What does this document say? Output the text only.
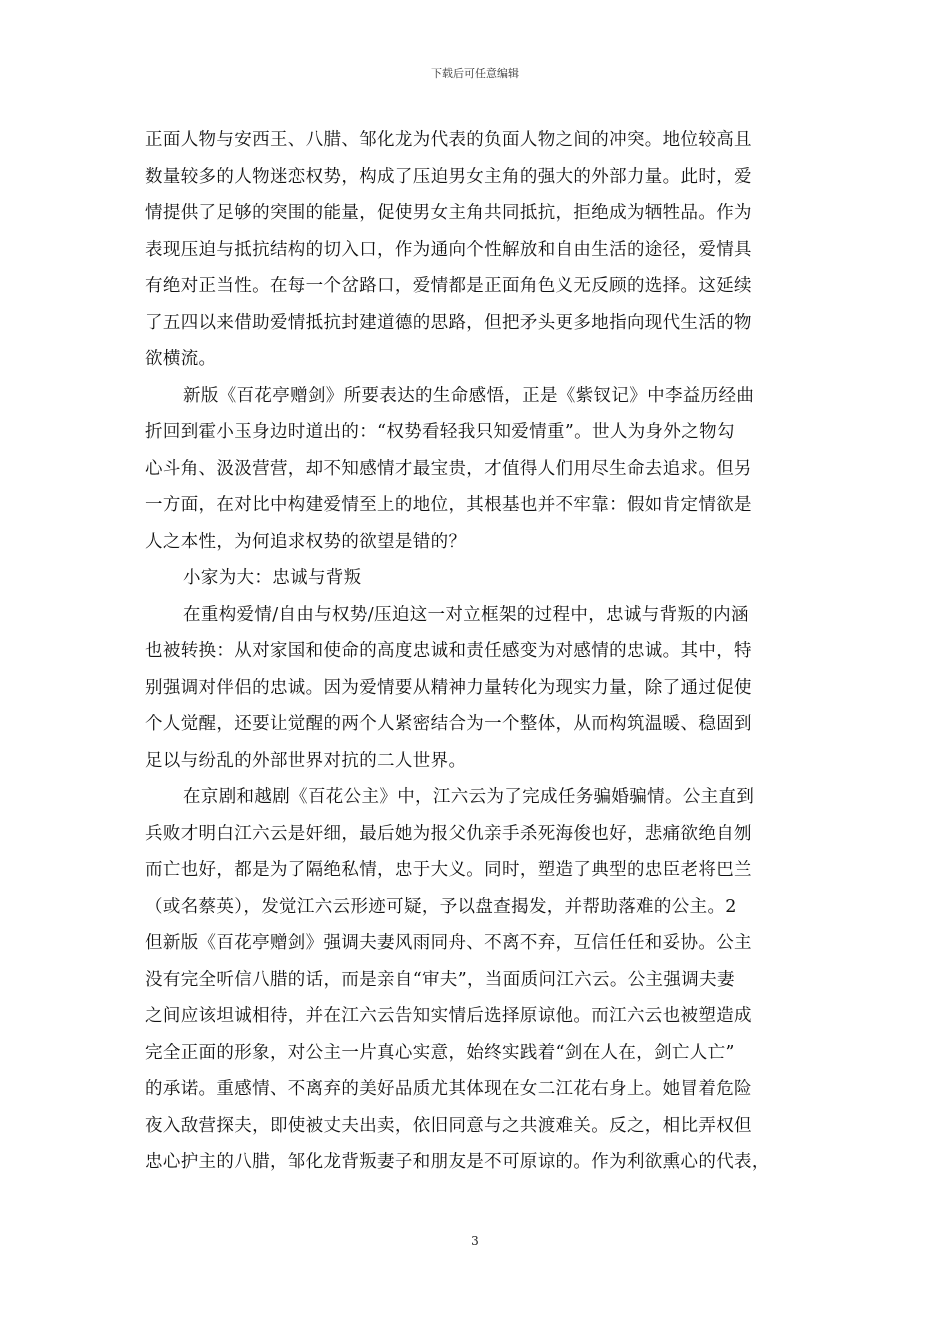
下载后可任意编辑
正面人物与安西王、八腊、邹化龙为代表的负面人物之间的冲突。地位较高且
数量较多的人物迷恋权势，构成了压迫男女主角的强大的外部力量。此时，爱
情提供了足够的突围的能量，促使男女主角共同抵抗，拒绝成为牺牲品。作为
表现压迫与抵抗结构的切入口，作为通向个性解放和自由生活的途径，爱情具
有绝对正当性。在每一个岔路口，爱情都是正面角色义无反顾的选择。这延续
了五四以来借助爱情抵抗封建道德的思路，但把矛头更多地指向现代生活的物
欲横流。
新版《百花亭赠剑》所要表达的生命感悟，正是《紫钗记》中李益历经曲
折回到霍小玉身边时道出的：“权势看轻我只知爱情重”。世人为身外之物勾
心斗角、汲汲营营，却不知感情才最宝贵，才值得人们用尽生命去追求。但另
一方面，在对比中构建爱情至上的地位，其根基也并不牢靠：假如肯定情欲是
人之本性，为何追求权势的欲望是错的？
小家为大：忠诚与背叛
在重构爱情/自由与权势/压迫这一对立框架的过程中，忠诚与背叛的内涵
也被转换：从对家国和使命的高度忠诚和责任感变为对感情的忠诚。其中，特
别强调对伴侣的忠诚。因为爱情要从精神力量转化为现实力量，除了通过促使
个人觉醒，还要让觉醒的两个人紧密结合为一个整体，从而构筑温暖、稳固到
足以与纷乱的外部世界对抗的二人世界。
在京剧和越剧《百花公主》中，江六云为了完成任务骗婚骗情。公主直到
兵败才明白江六云是奸细，最后她为报父仇亲手杀死海俊也好，悲痛欲绝自刎
而亡也好，都是为了隔绝私情，忠于大义。同时，塑造了典型的忠臣老将巴兰
（或名蔡英），发觉江六云形迹可疑，予以盘查揭发，并帮助落难的公主。2
但新版《百花亭赠剑》强调夫妻风雨同舟、不离不弃，互信任任和妥协。公主
没有完全听信八腊的话，而是亲自“审夫”，当面质问江六云。公主强调夫妻
之间应该坦诚相待，并在江六云告知实情后选择原谅他。而江六云也被塑造成
完全正面的形象，对公主一片真心实意，始终实践着“剑在人在，剑亡人亡”
的承诺。重感情、不离弃的美好品质尤其体现在女二江花右身上。她冒着危险
夜入敌营探夫，即使被丈夫出卖，依旧同意与之共渡难关。反之，相比弄权但
忠心护主的八腊，邹化龙背叛妻子和朋友是不可原谅的。作为利欲熏心的代表，
3
